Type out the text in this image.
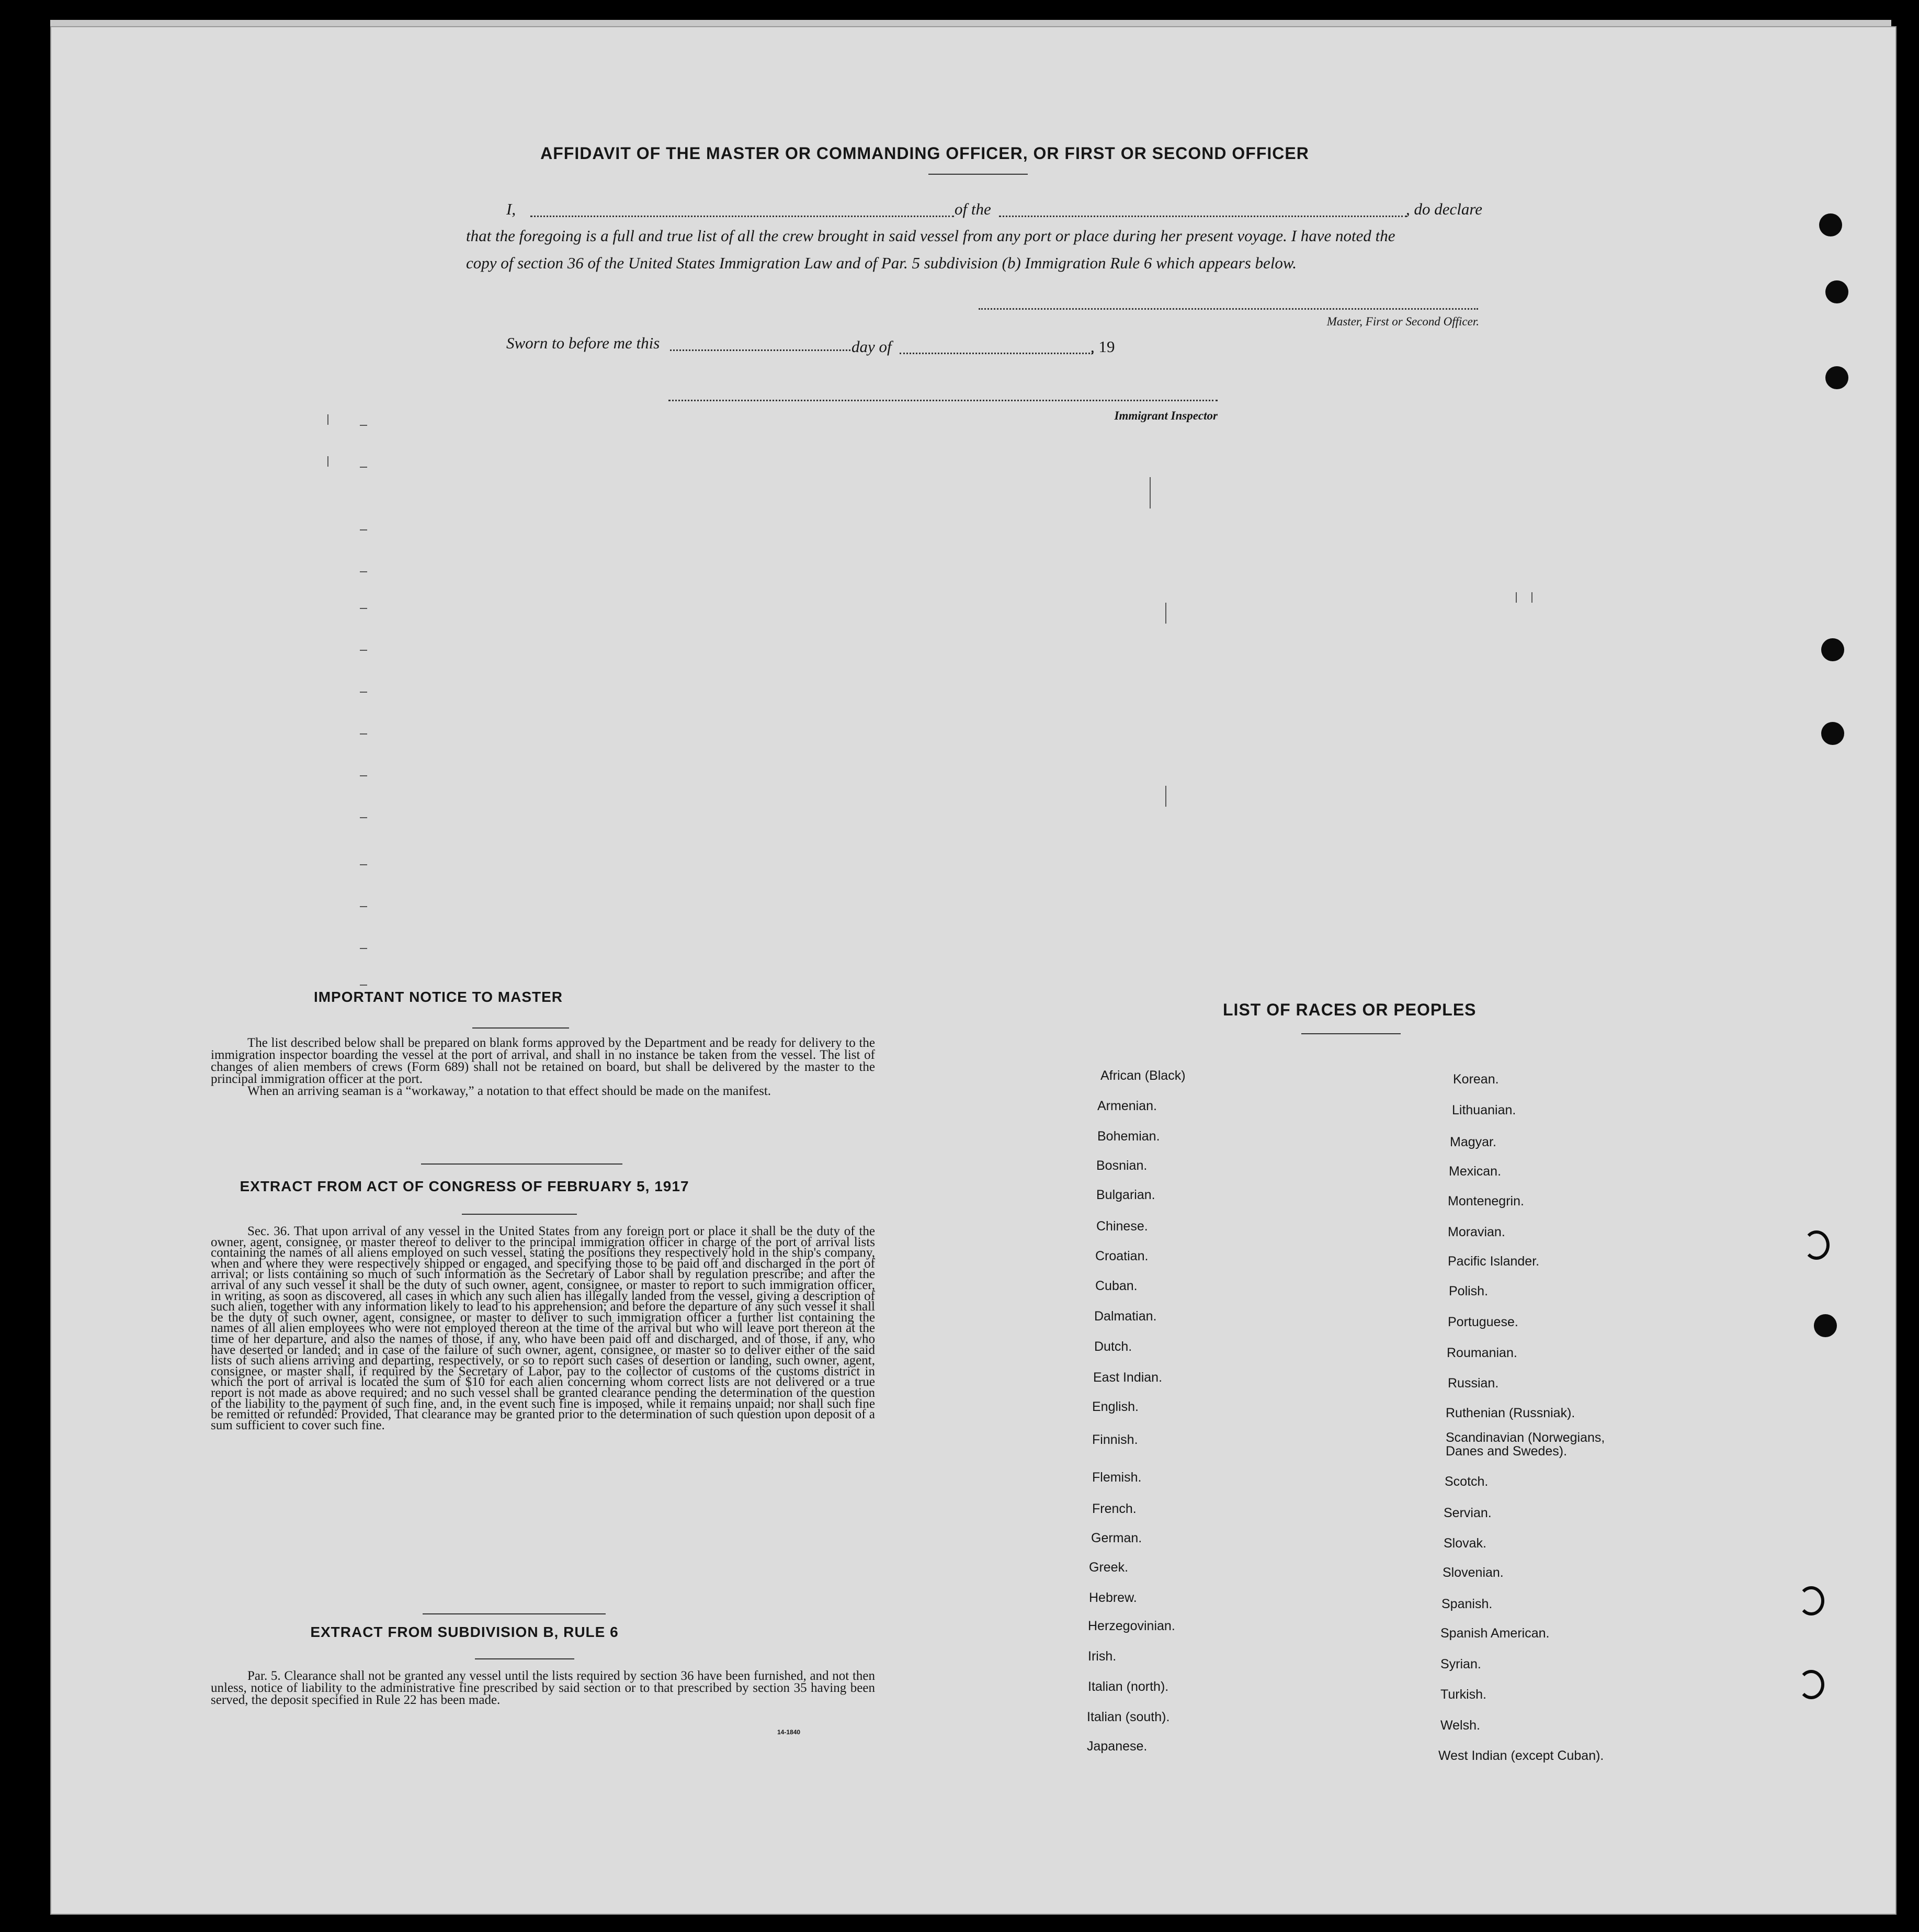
AFFIDAVIT OF THE MASTER OR COMMANDING OFFICER, OR FIRST OR SECOND OFFICER
I,	of the	, do declare
that the foregoing is a full and true list of all the crew brought in said vessel from any port or place during her present voyage. I have noted the
copy of section 36 of the United States Immigration Law and of Par. 5 subdivision (b) Immigration Rule 6 which appears below.
Master, First or Second Officer.
Sworn to before me this	day of	, 19
Immigrant Inspector
IMPORTANT NOTICE TO MASTER

The list described below shall be prepared on blank forms approved by the Department and be ready for delivery to the immigration inspector boarding the vessel at the port of arrival, and shall in no instance be taken from the vessel. The list of changes of alien members of crews (Form 689) shall not be retained on board, but shall be delivered by the master to the principal immigration officer at the port.

When an arriving seaman is a “workaway,” a notation to that effect should be made on the manifest.

EXTRACT FROM ACT OF CONGRESS OF FEBRUARY 5, 1917

Sec. 36. That upon arrival of any vessel in the United States from any foreign port or place it shall be the duty of the owner, agent, consignee, or master thereof to deliver to the principal immigration officer in charge of the port of arrival lists containing the names of all aliens employed on such vessel, stating the positions they respectively hold in the ship's company, when and where they were respectively shipped or engaged, and specifying those to be paid off and discharged in the port of arrival; or lists containing so much of such information as the Secretary of Labor shall by regulation prescribe; and after the arrival of any such vessel it shall be the duty of such owner, agent, consignee, or master to report to such immigration officer, in writing, as soon as discovered, all cases in which any such alien has illegally landed from the vessel, giving a description of such alien, together with any information likely to lead to his apprehension; and before the departure of any such vessel it shall be the duty of such owner, agent, consignee, or master to deliver to such immigration officer a further list containing the names of all alien employees who were not employed thereon at the time of the arrival but who will leave port thereon at the time of her departure, and also the names of those, if any, who have been paid off and discharged, and of those, if any, who have deserted or landed; and in case of the failure of such owner, agent, consignee, or master so to deliver either of the said lists of such aliens arriving and departing, respectively, or so to report such cases of desertion or landing, such owner, agent, consignee, or master shall, if required by the Secretary of Labor, pay to the collector of customs of the customs district in which the port of arrival is located the sum of $10 for each alien concerning whom correct lists are not delivered or a true report is not made as above required; and no such vessel shall be granted clearance pending the determination of the question of the liability to the payment of such fine, and, in the event such fine is imposed, while it remains unpaid; nor shall such fine be remitted or refunded: Provided, That clearance may be granted prior to the determination of such question upon deposit of a sum sufficient to cover such fine.

EXTRACT FROM SUBDIVISION B, RULE 6

Par. 5. Clearance shall not be granted any vessel until the lists required by section 36 have been furnished, and not then unless, notice of liability to the administrative fine prescribed by said section or to that prescribed by section 35 having been served, the deposit specified in Rule 22 has been made.

14-1840
LIST OF RACES OR PEOPLES
African (Black)
Armenian.
Bohemian.
Bosnian.
Bulgarian.
Chinese.
Croatian.
Cuban.
Dalmatian.
Dutch.
East Indian.
English.
Finnish.
Flemish.
French.
German.
Greek.
Hebrew.
Herzegovinian.
Irish.
Italian (north).
Italian (south).
Japanese.
Korean.
Lithuanian.
Magyar.
Mexican.
Montenegrin.
Moravian.
Pacific Islander.
Polish.
Portuguese.
Roumanian.
Russian.
Ruthenian (Russniak).
Scandinavian (Norwegians, Danes and Swedes).
Scotch.
Servian.
Slovak.
Slovenian.
Spanish.
Spanish American.
Syrian.
Turkish.
Welsh.
West Indian (except Cuban).
